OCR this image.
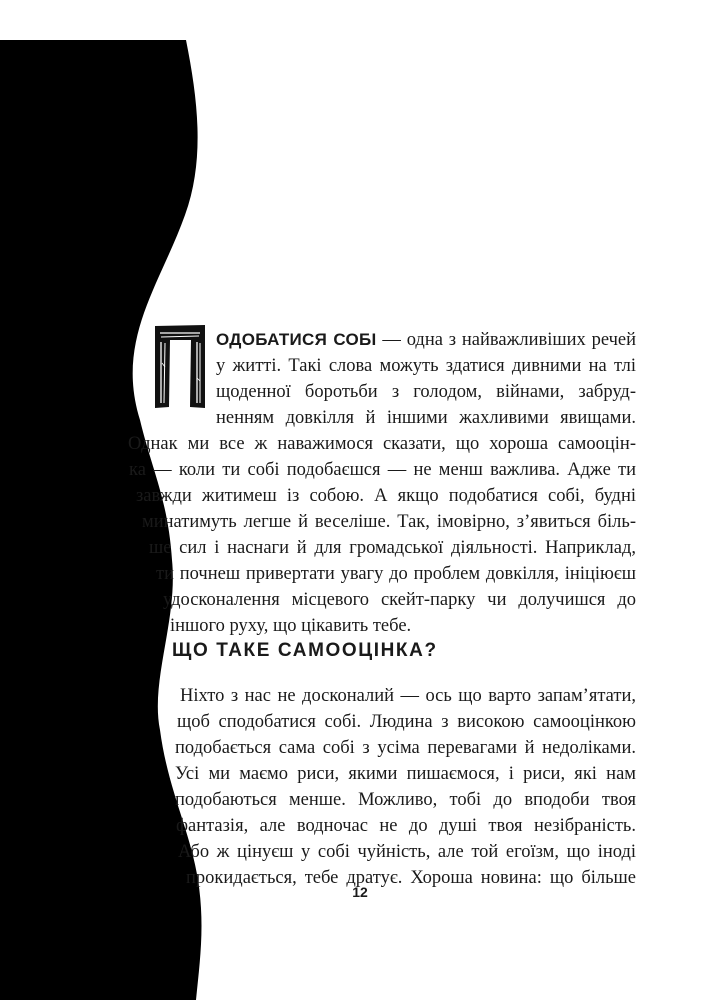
ОДОБАТИСЯ СОБІ — одна з найважливіших речей
у житті. Такі слова можуть здатися дивними на тлі
щоденної боротьби з голодом, війнами, забруд-
ненням довкілля й іншими жахливими явищами.
Однак ми все ж наважимося сказати, що хороша самооцін-
ка — коли ти собі подобаєшся — не менш важлива. Адже ти
завжди житимеш із собою. А якщо подобатися собі, будні
минатимуть легше й веселіше. Так, імовірно, з’явиться біль-
ше сил і наснаги й для громадської діяльності. Наприклад,
ти почнеш привертати увагу до проблем довкілля, ініціюєш
удосконалення місцевого скейт-парку чи долучишся до
іншого руху, що цікавить тебе.
ЩО ТАКЕ САМООЦІНКА?
Ніхто з нас не досконалий — ось що варто запам’ятати,
щоб сподобатися собі. Людина з високою самооцінкою
подобається сама собі з усіма перевагами й недоліками.
Усі ми маємо риси, якими пишаємося, і риси, які нам
подобаються менше. Можливо, тобі до вподоби твоя
фантазія, але водночас не до душі твоя незібраність.
Або ж цінуєш у собі чуйність, але той егоїзм, що іноді
прокидається, тебе дратує. Хороша новина: що більше
12
